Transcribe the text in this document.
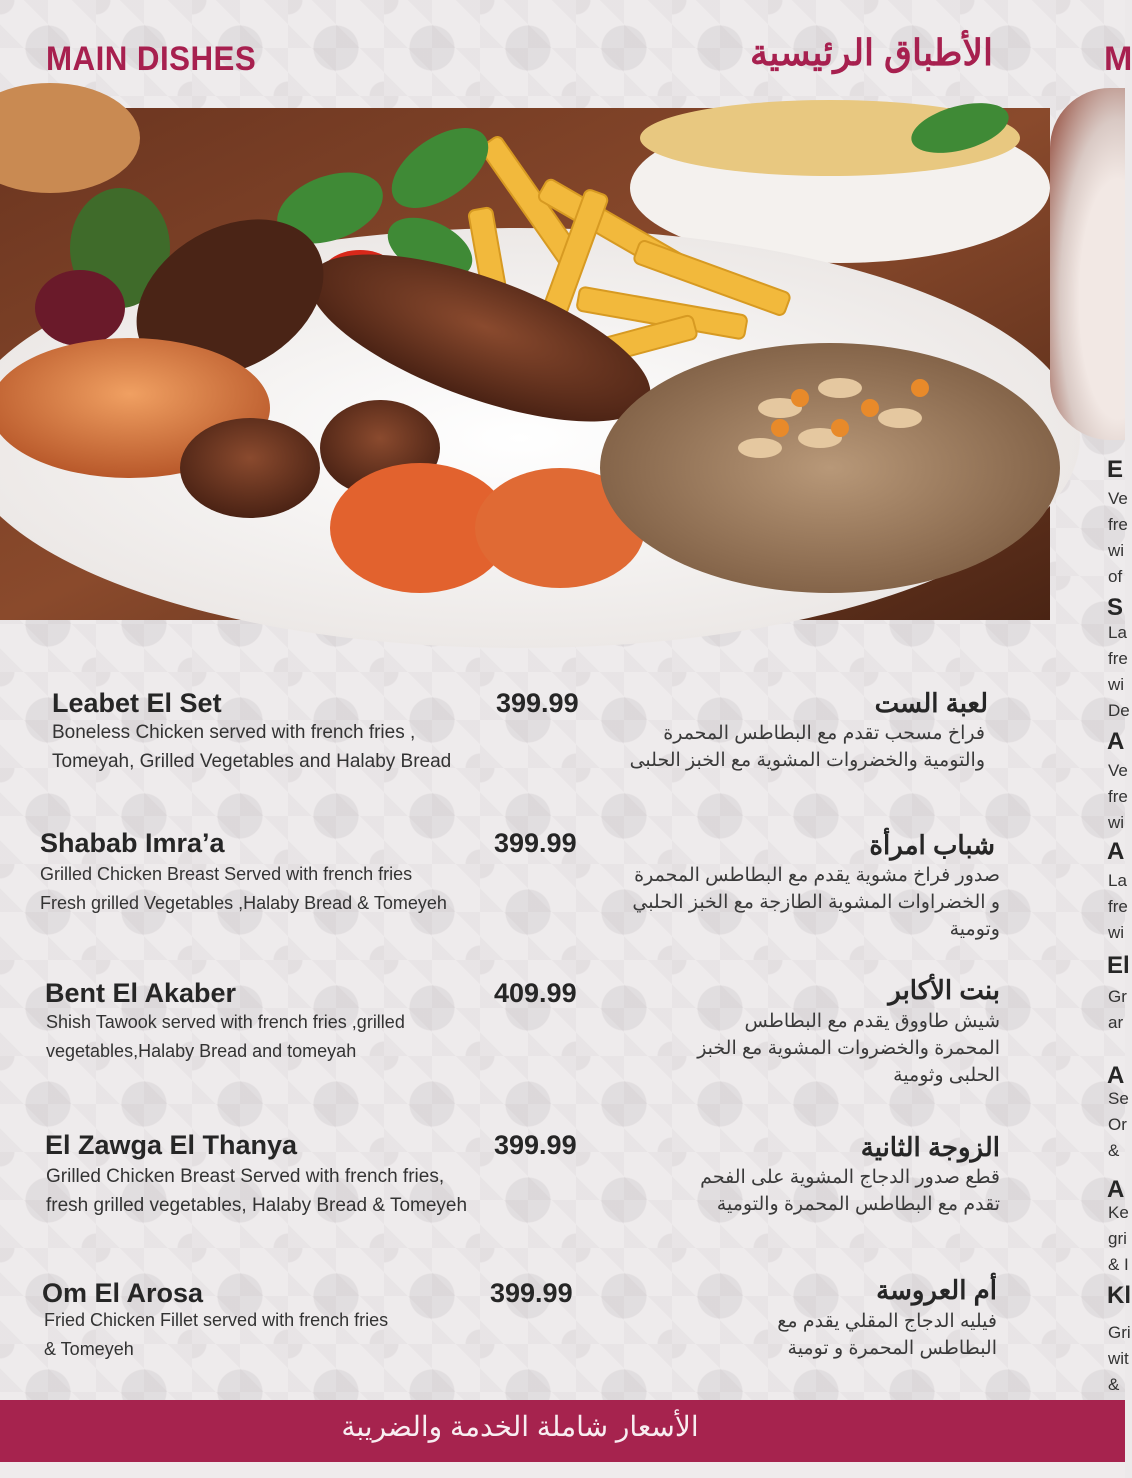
MAIN DISHES	الأطباق الرئيسية	M
Leabet El Set	399.99
Boneless Chicken served with french fries ,
Tomeyah, Grilled Vegetables and Halaby Bread
لعبة الست
فراخ مسحب تقدم مع البطاطس المحمرة
والتومية والخضروات المشوية مع الخبز الحلبى
Shabab Imra’a	399.99
Grilled Chicken Breast Served with french fries
Fresh grilled Vegetables ,Halaby Bread & Tomeyeh
شباب امرأة
صدور فراخ مشوية يقدم مع البطاطس المحمرة
و الخضراوات المشوية الطازجة مع الخبز الحلبي
وتومية
Bent El Akaber	409.99
Shish Tawook served with french fries ,grilled
vegetables,Halaby Bread and tomeyah
بنت الأكابر
شيش طاووق يقدم مع البطاطس
المحمرة والخضروات المشوية مع الخبز
الحلبى وثومية
El Zawga El Thanya	399.99
Grilled Chicken Breast Served with french fries,
fresh grilled vegetables, Halaby Bread & Tomeyeh
الزوجة الثانية
قطع صدور الدجاج المشوية على الفحم
تقدم مع البطاطس المحمرة والتومية
Om El Arosa	399.99
Fried Chicken Fillet served with french fries
& Tomeyeh
أم العروسة
فيليه الدجاج المقلي يقدم مع
البطاطس المحمرة و تومية
E
Ve
fre
wi
of
S
La
fre
wi
De
A
Ve
fre
wi
A
La
fre
wi
El
Gr
ar
A
Se
Or
&
A
Ke
gri
& I
Kl
Gri
wit
&
الأسعار شاملة الخدمة والضريبة
